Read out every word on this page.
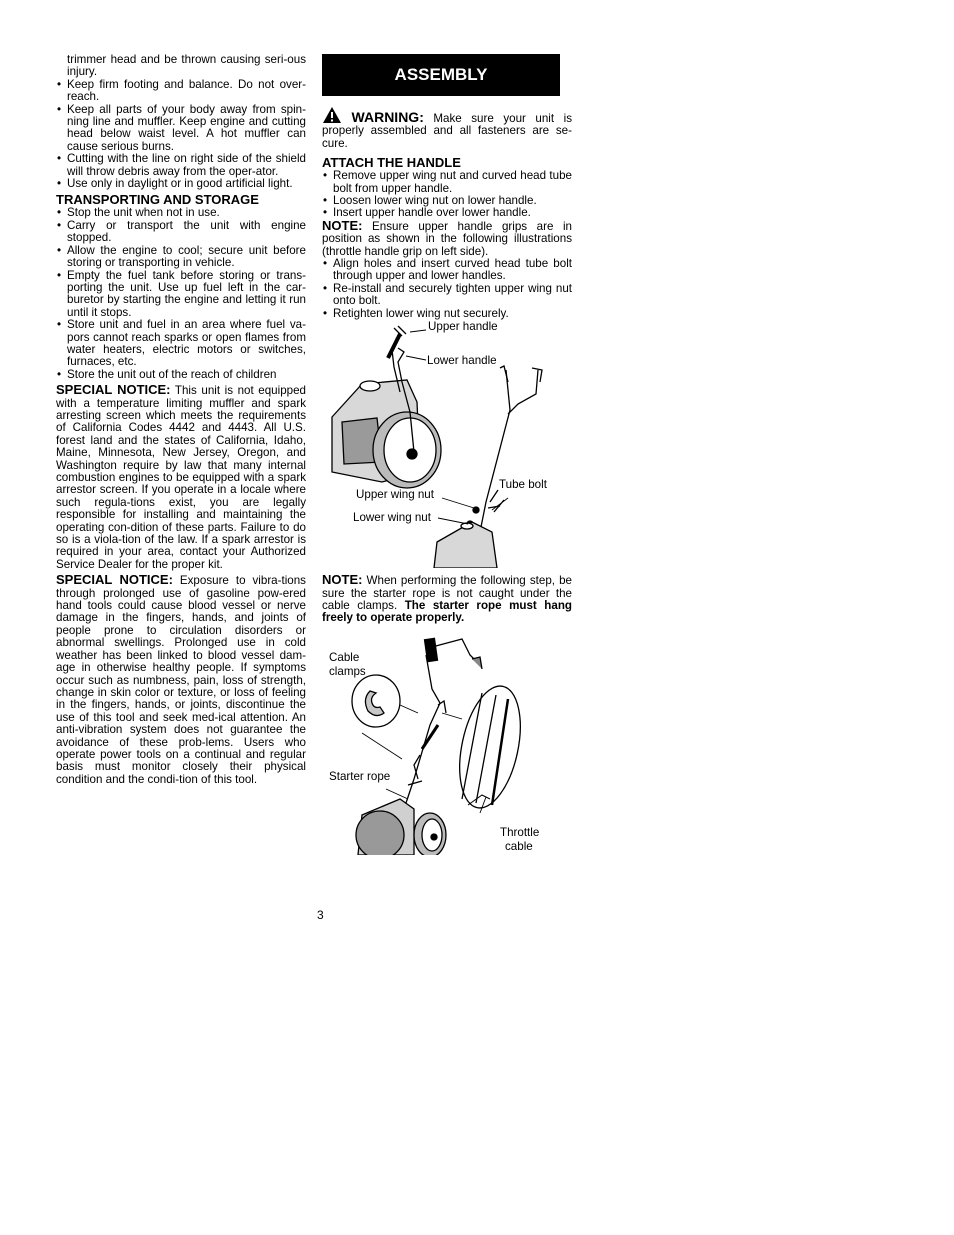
trimmer head and be thrown causing seri-ous injury.

• Keep firm footing and balance. Do not over-reach.
• Keep all parts of your body away from spin-ning line and muffler. Keep engine and cutting head below waist level. A hot muffler can cause serious burns.
• Cutting with the line on right side of the shield will throw debris away from the oper-ator.
• Use only in daylight or in good artificial light.
TRANSPORTING AND STORAGE
• Stop the unit when not in use.
• Carry or transport the unit with engine stopped.
• Allow the engine to cool; secure unit before storing or transporting in vehicle.
• Empty the fuel tank before storing or trans-porting the unit. Use up fuel left in the car-buretor by starting the engine and letting it run until it stops.
• Store unit and fuel in an area where fuel va-pors cannot reach sparks or open flames from water heaters, electric motors or switches, furnaces, etc.
• Store the unit out of the reach of children

SPECIAL NOTICE: This unit is not equipped with a temperature limiting muffler and spark arresting screen which meets the requirements of California Codes 4442 and 4443. All U.S. forest land and the states of California, Idaho, Maine, Minnesota, New Jersey, Oregon, and Washington require by law that many internal combustion engines to be equipped with a spark arrestor screen. If you operate in a locale where such regula-tions exist, you are legally responsible for installing and maintaining the operating con-dition of these parts. Failure to do so is a viola-tion of the law. If a spark arrestor is required in your area, contact your Authorized Service Dealer for the proper kit.

SPECIAL NOTICE: Exposure to vibra-tions through prolonged use of gasoline pow-ered hand tools could cause blood vessel or nerve damage in the fingers, hands, and joints of people prone to circulation disorders or abnormal swellings. Prolonged use in cold weather has been linked to blood vessel dam-age in otherwise healthy people. If symptoms occur such as numbness, pain, loss of strength, change in skin color or texture, or loss of feeling in the fingers, hands, or joints, discontinue the use of this tool and seek med-ical attention. An anti-vibration system does not guarantee the avoidance of these prob-lems. Users who operate power tools on a continual and regular basis must monitor closely their physical condition and the condi-tion of this tool.

ASSEMBLY

WARNING: Make sure your unit is properly assembled and all fasteners are se-cure.

ATTACH THE HANDLE
• Remove upper wing nut and curved head tube bolt from upper handle.
• Loosen lower wing nut on lower handle.
• Insert upper handle over lower handle.

NOTE: Ensure upper handle grips are in position as shown in the following illustrations (throttle handle grip on left side).

• Align holes and insert curved head tube bolt through upper and lower handles.
• Re-install and securely tighten upper wing nut onto bolt.
• Retighten lower wing nut securely.
Upper handle
Lower handle
Tube bolt
Upper wing nut
Lower wing nut

NOTE: When performing the following step, be sure the starter rope is not caught under the cable clamps. The starter rope must hang freely to operate properly.

Cable
clamps
Starter rope
Throttle
cable
3
